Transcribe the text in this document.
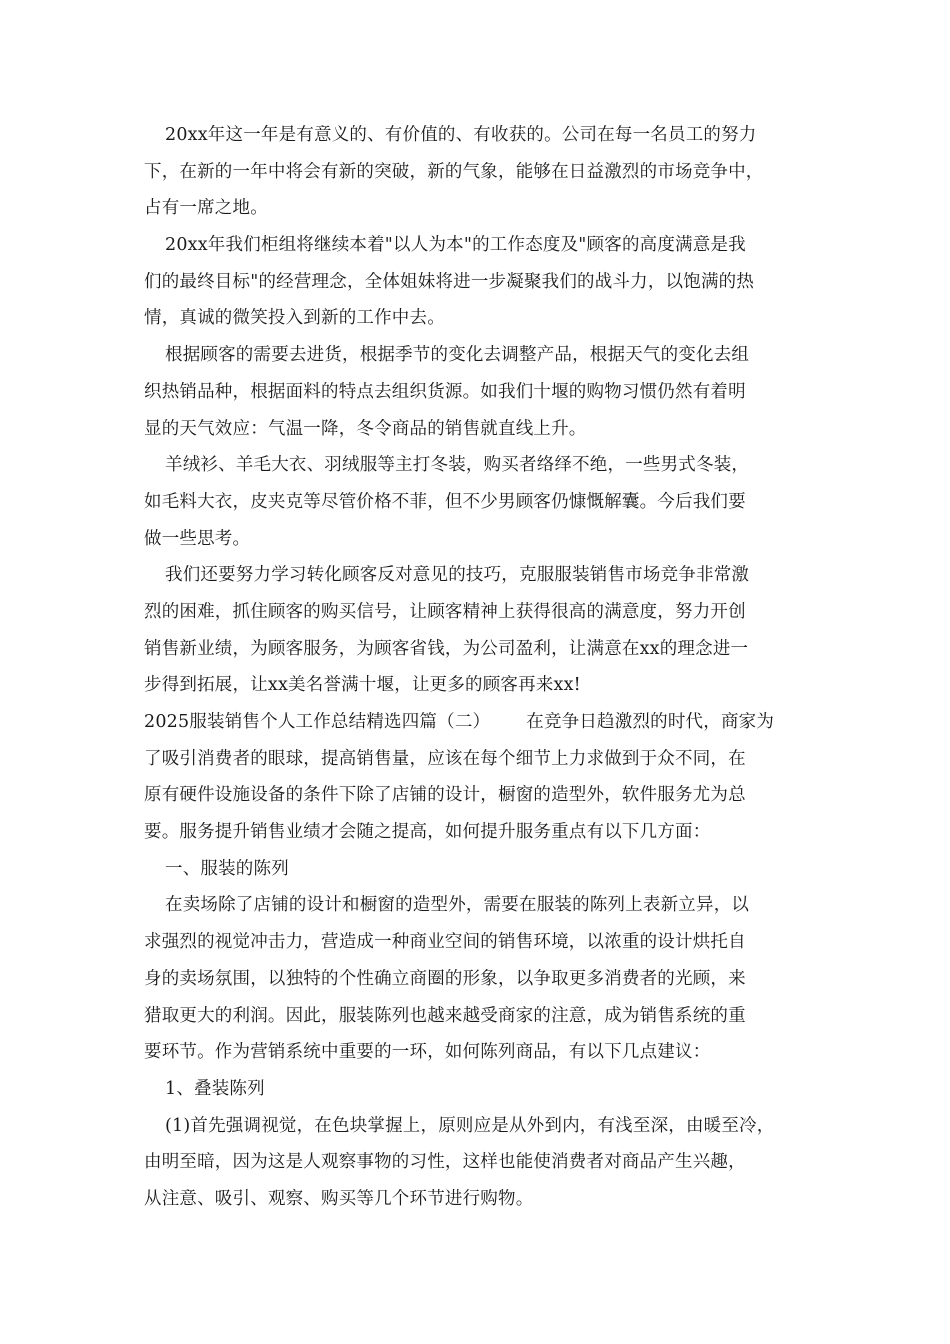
20xx年这一年是有意义的、有价值的、有收获的。公司在每一名员工的努力
下，在新的一年中将会有新的突破，新的气象，能够在日益激烈的市场竞争中，
占有一席之地。
20xx年我们柜组将继续本着"以人为本"的工作态度及"顾客的高度满意是我
们的最终目标"的经营理念，全体姐妹将进一步凝聚我们的战斗力，以饱满的热
情，真诚的微笑投入到新的工作中去。
根据顾客的需要去进货，根据季节的变化去调整产品，根据天气的变化去组
织热销品种，根据面料的特点去组织货源。如我们十堰的购物习惯仍然有着明
显的天气效应：气温一降，冬令商品的销售就直线上升。
羊绒衫、羊毛大衣、羽绒服等主打冬装，购买者络绎不绝，一些男式冬装，
如毛料大衣，皮夹克等尽管价格不菲，但不少男顾客仍慷慨解囊。今后我们要
做一些思考。
我们还要努力学习转化顾客反对意见的技巧，克服服装销售市场竞争非常激
烈的困难，抓住顾客的购买信号，让顾客精神上获得很高的满意度，努力开创
销售新业绩，为顾客服务，为顾客省钱，为公司盈利，让满意在xx的理念进一
步得到拓展，让xx美名誉满十堰，让更多的顾客再来xx!
2025服装销售个人工作总结精选四篇（二） 在竞争日趋激烈的时代，商家为
了吸引消费者的眼球，提高销售量，应该在每个细节上力求做到于众不同，在
原有硬件设施设备的条件下除了店铺的设计，橱窗的造型外，软件服务尤为总
要。服务提升销售业绩才会随之提高，如何提升服务重点有以下几方面：
一、服装的陈列
在卖场除了店铺的设计和橱窗的造型外，需要在服装的陈列上表新立异，以
求强烈的视觉冲击力，营造成一种商业空间的销售环境，以浓重的设计烘托自
身的卖场氛围，以独特的个性确立商圈的形象，以争取更多消费者的光顾，来
猎取更大的利润。因此，服装陈列也越来越受商家的注意，成为销售系统的重
要环节。作为营销系统中重要的一环，如何陈列商品，有以下几点建议：
1、叠装陈列
(1)首先强调视觉，在色块掌握上，原则应是从外到内，有浅至深，由暖至冷，
由明至暗，因为这是人观察事物的习性，这样也能使消费者对商品产生兴趣，
从注意、吸引、观察、购买等几个环节进行购物。
